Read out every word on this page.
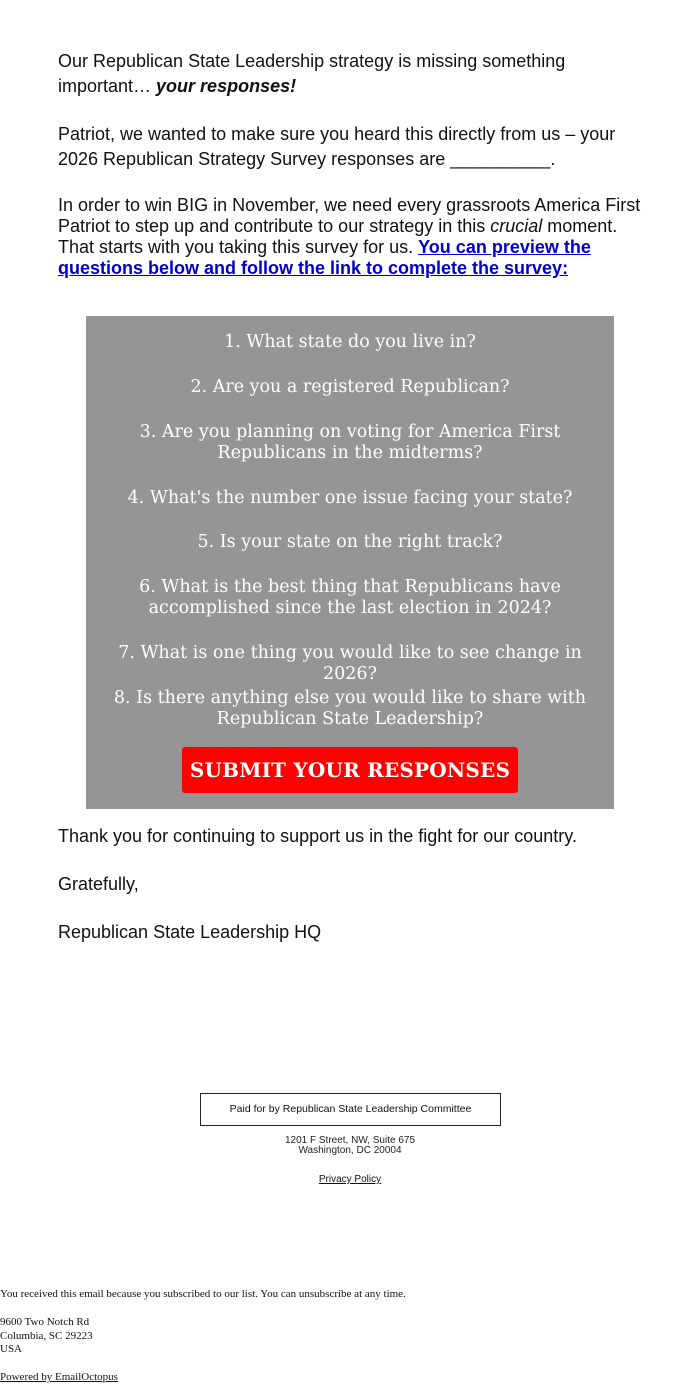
Our Republican State Leadership strategy is missing something important… your responses!

Patriot, we wanted to make sure you heard this directly from us – your 2026 Republican Strategy Survey responses are __________.

In order to win BIG in November, we need every grassroots America First Patriot to step up and contribute to our strategy in this crucial moment. That starts with you taking this survey for us. You can preview the questions below and follow the link to complete the survey:

1. What state do you live in?
2. Are you a registered Republican?
3. Are you planning on voting for America First Republicans in the midterms?
4. What's the number one issue facing your state?
5. Is your state on the right track?
6. What is the best thing that Republicans have accomplished since the last election in 2024?
7. What is one thing you would like to see change in 2026?
8. Is there anything else you would like to share with Republican State Leadership?
SUBMIT YOUR RESPONSES

Thank you for continuing to support us in the fight for our country.

Gratefully,

Republican State Leadership HQ

Paid for by Republican State Leadership Committee
1201 F Street, NW, Suite 675
Washington, DC 20004
Privacy Policy
You received this email because you subscribed to our list. You can unsubscribe at any time.
9600 Two Notch Rd
Columbia, SC 29223
USA
Powered by EmailOctopus
